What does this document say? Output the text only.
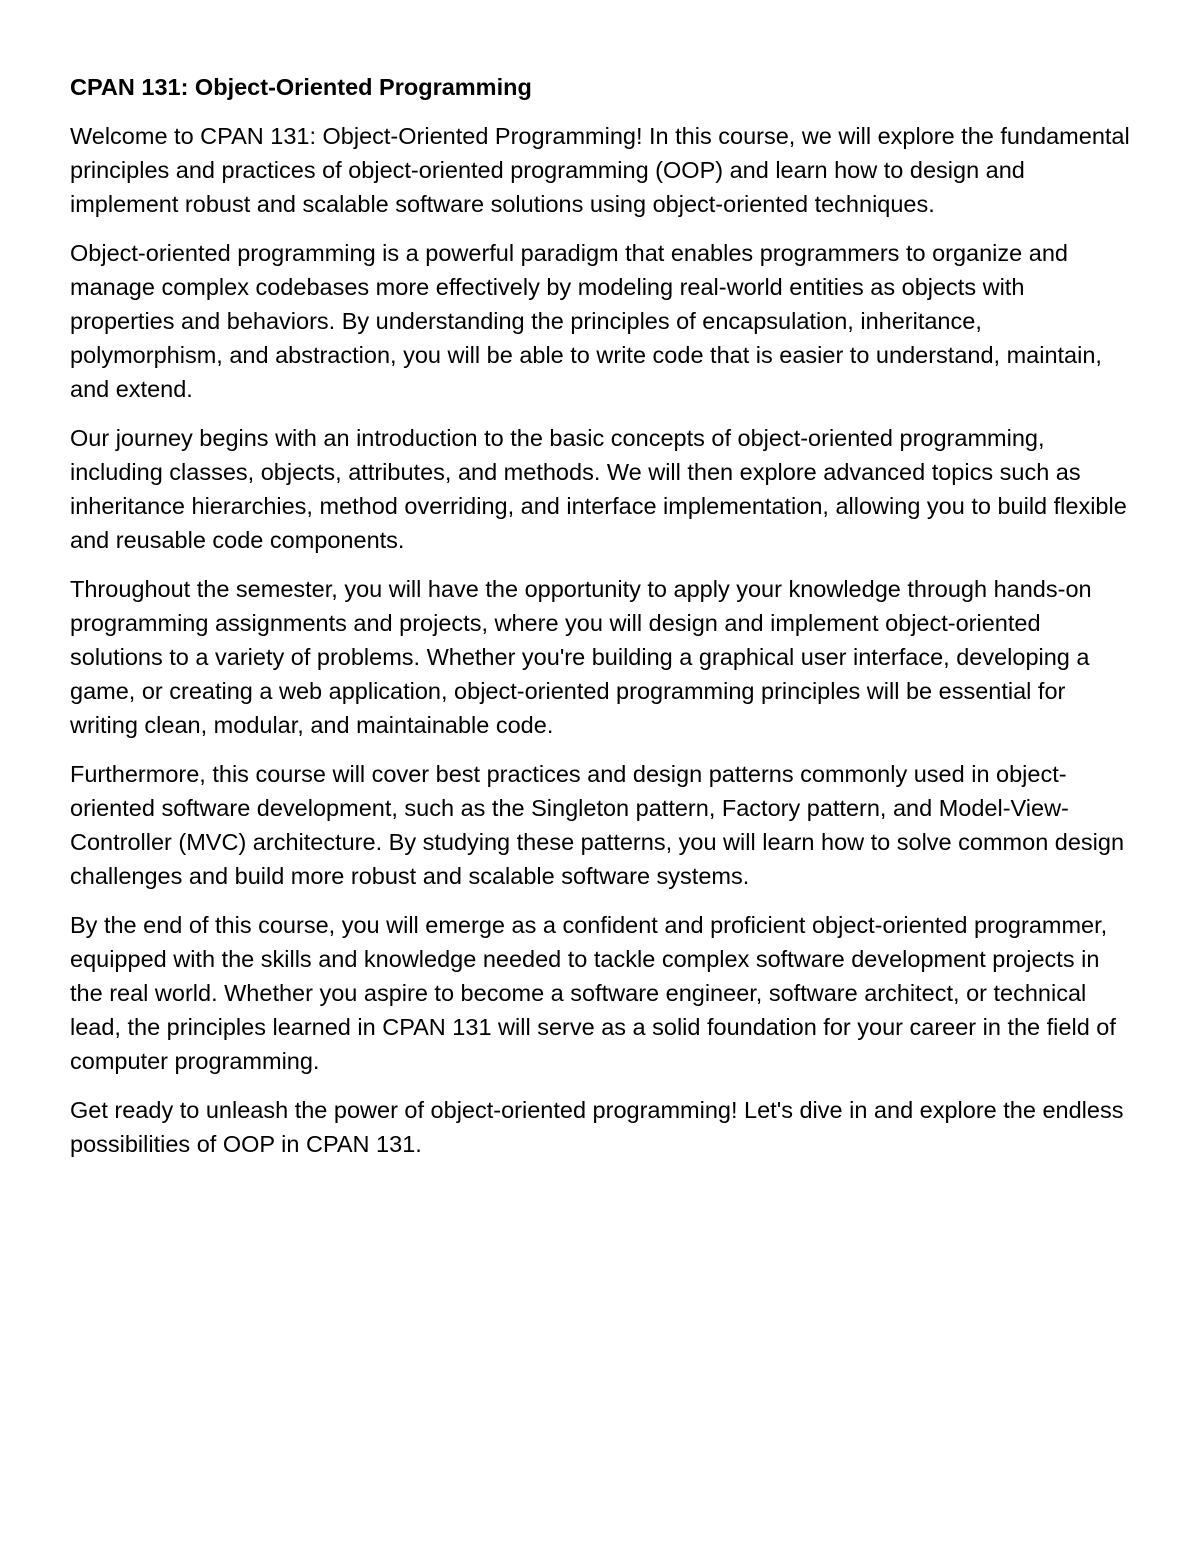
CPAN 131: Object-Oriented Programming

Welcome to CPAN 131: Object-Oriented Programming! In this course, we will explore the fundamental principles and practices of object-oriented programming (OOP) and learn how to design and implement robust and scalable software solutions using object-oriented techniques.

Object-oriented programming is a powerful paradigm that enables programmers to organize and manage complex codebases more effectively by modeling real-world entities as objects with properties and behaviors. By understanding the principles of encapsulation, inheritance, polymorphism, and abstraction, you will be able to write code that is easier to understand, maintain, and extend.

Our journey begins with an introduction to the basic concepts of object-oriented programming, including classes, objects, attributes, and methods. We will then explore advanced topics such as inheritance hierarchies, method overriding, and interface implementation, allowing you to build flexible and reusable code components.

Throughout the semester, you will have the opportunity to apply your knowledge through hands-on programming assignments and projects, where you will design and implement object-oriented solutions to a variety of problems. Whether you're building a graphical user interface, developing a game, or creating a web application, object-oriented programming principles will be essential for writing clean, modular, and maintainable code.

Furthermore, this course will cover best practices and design patterns commonly used in object-oriented software development, such as the Singleton pattern, Factory pattern, and Model-View-Controller (MVC) architecture. By studying these patterns, you will learn how to solve common design challenges and build more robust and scalable software systems.

By the end of this course, you will emerge as a confident and proficient object-oriented programmer, equipped with the skills and knowledge needed to tackle complex software development projects in the real world. Whether you aspire to become a software engineer, software architect, or technical lead, the principles learned in CPAN 131 will serve as a solid foundation for your career in the field of computer programming.

Get ready to unleash the power of object-oriented programming! Let's dive in and explore the endless possibilities of OOP in CPAN 131.
